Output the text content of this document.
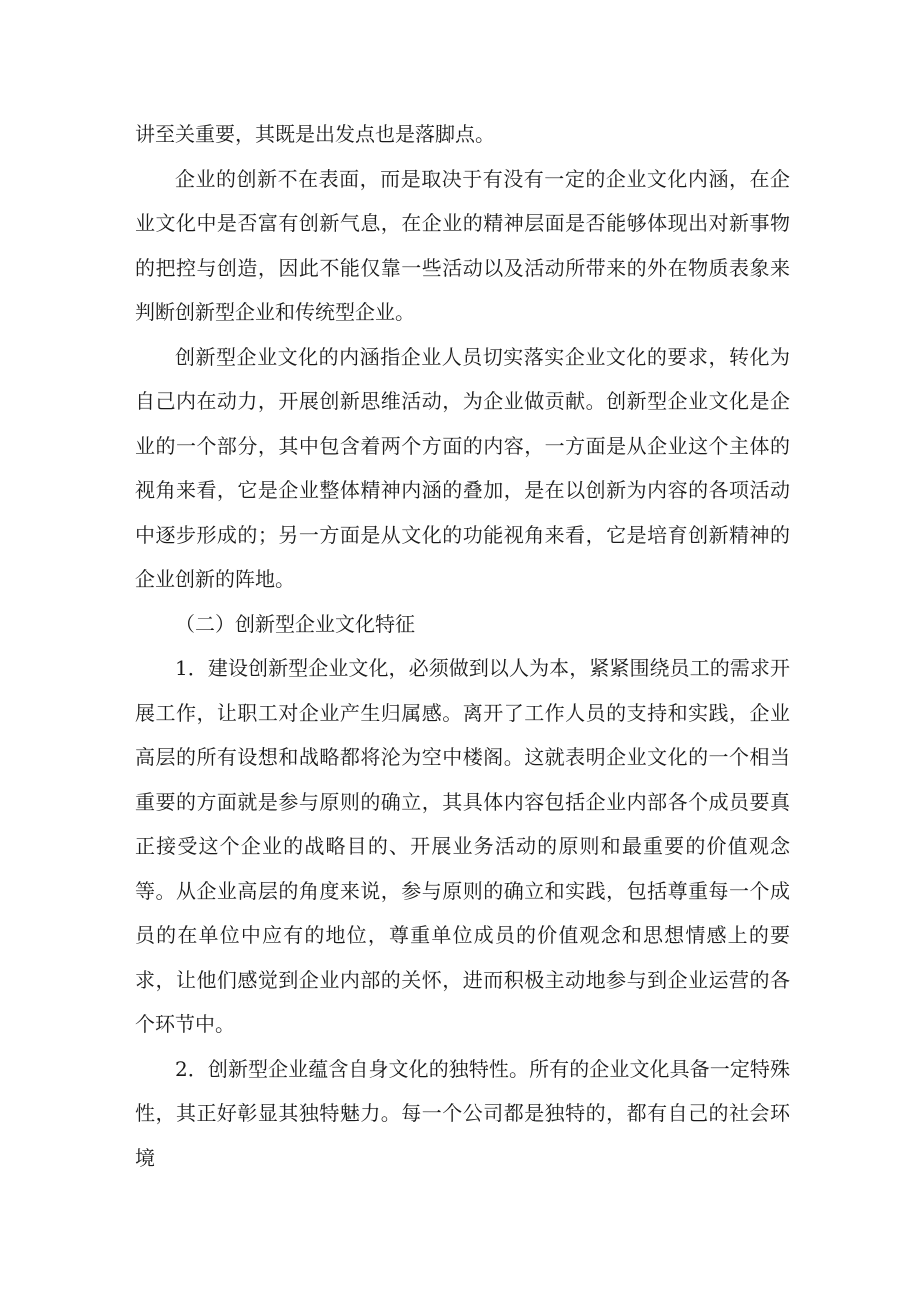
讲至关重要，其既是出发点也是落脚点。

企业的创新不在表面，而是取决于有没有一定的企业文化内涵，在企业文化中是否富有创新气息，在企业的精神层面是否能够体现出对新事物的把控与创造，因此不能仅靠一些活动以及活动所带来的外在物质表象来判断创新型企业和传统型企业。

创新型企业文化的内涵指企业人员切实落实企业文化的要求，转化为自己内在动力，开展创新思维活动，为企业做贡献。创新型企业文化是企业的一个部分，其中包含着两个方面的内容，一方面是从企业这个主体的视角来看，它是企业整体精神内涵的叠加，是在以创新为内容的各项活动中逐步形成的；另一方面是从文化的功能视角来看，它是培育创新精神的企业创新的阵地。

（二）创新型企业文化特征

1．建设创新型企业文化，必须做到以人为本，紧紧围绕员工的需求开展工作，让职工对企业产生归属感。离开了工作人员的支持和实践，企业高层的所有设想和战略都将沦为空中楼阁。这就表明企业文化的一个相当重要的方面就是参与原则的确立，其具体内容包括企业内部各个成员要真正接受这个企业的战略目的、开展业务活动的原则和最重要的价值观念等。从企业高层的角度来说，参与原则的确立和实践，包括尊重每一个成员的在单位中应有的地位，尊重单位成员的价值观念和思想情感上的要求，让他们感觉到企业内部的关怀，进而积极主动地参与到企业运营的各个环节中。

2．创新型企业蕴含自身文化的独特性。所有的企业文化具备一定特殊性，其正好彰显其独特魅力。每一个公司都是独特的，都有自己的社会环境
